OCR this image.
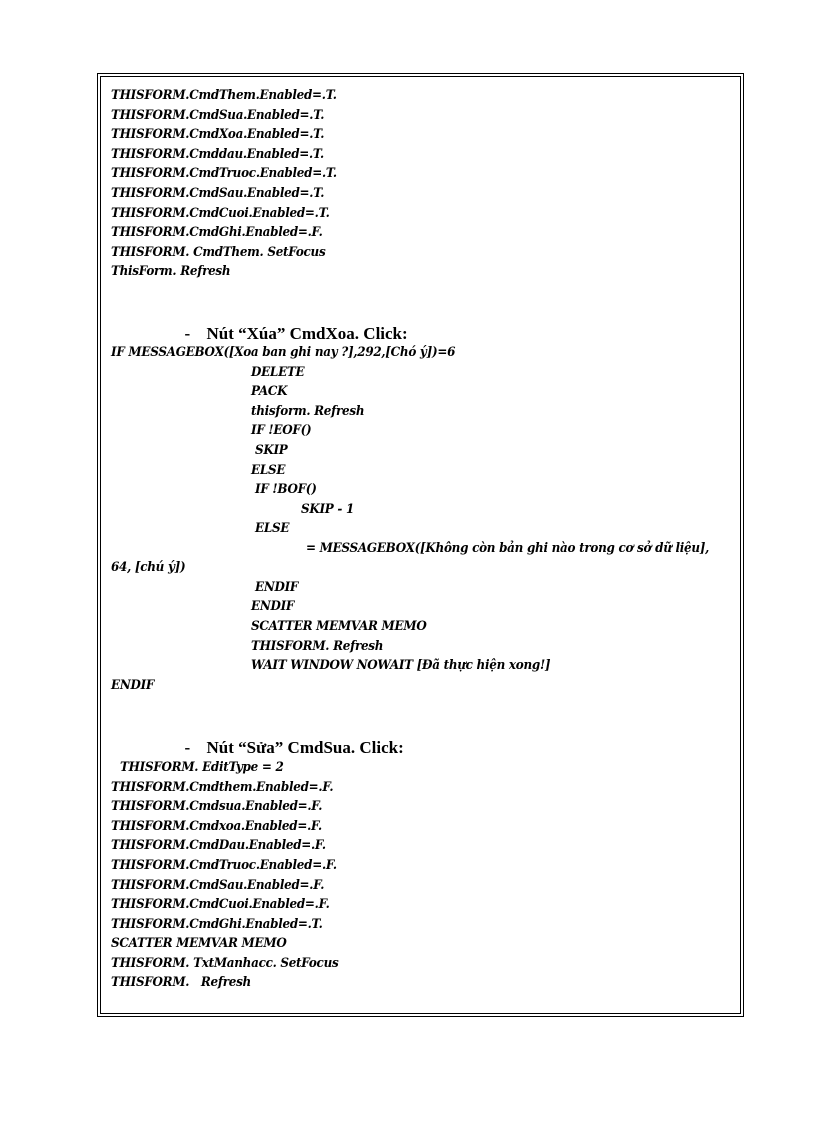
THISFORM.CmdThem.Enabled=.T.
THISFORM.CmdSua.Enabled=.T.
THISFORM.CmdXoa.Enabled=.T.
THISFORM.Cmddau.Enabled=.T.
THISFORM.CmdTruoc.Enabled=.T.
THISFORM.CmdSau.Enabled=.T.
THISFORM.CmdCuoi.Enabled=.T.
THISFORM.CmdGhi.Enabled=.F.
THISFORM. CmdThem. SetFocus
ThisForm. Refresh

- Nút “Xúa” CmdXoa. Click:

IF MESSAGEBOX([Xoa ban ghi nay ?],292,[Chó ý])=6
DELETE
PACK
thisform. Refresh
IF !EOF()
SKIP
ELSE
IF !BOF()
SKIP - 1
ELSE
= MESSAGEBOX([Không còn bản ghi nào trong cơ sở dữ liệu],
64, [chú ý])
ENDIF
ENDIF
SCATTER MEMVAR MEMO
THISFORM. Refresh
WAIT WINDOW NOWAIT [Đã thực hiện xong!]
ENDIF

- Nút “Sửa” CmdSua. Click:

THISFORM. EditType = 2
THISFORM.Cmdthem.Enabled=.F.
THISFORM.Cmdsua.Enabled=.F.
THISFORM.Cmdxoa.Enabled=.F.
THISFORM.CmdDau.Enabled=.F.
THISFORM.CmdTruoc.Enabled=.F.
THISFORM.CmdSau.Enabled=.F.
THISFORM.CmdCuoi.Enabled=.F.
THISFORM.CmdGhi.Enabled=.T.
SCATTER MEMVAR MEMO
THISFORM. TxtManhacc. SetFocus
THISFORM.   Refresh
